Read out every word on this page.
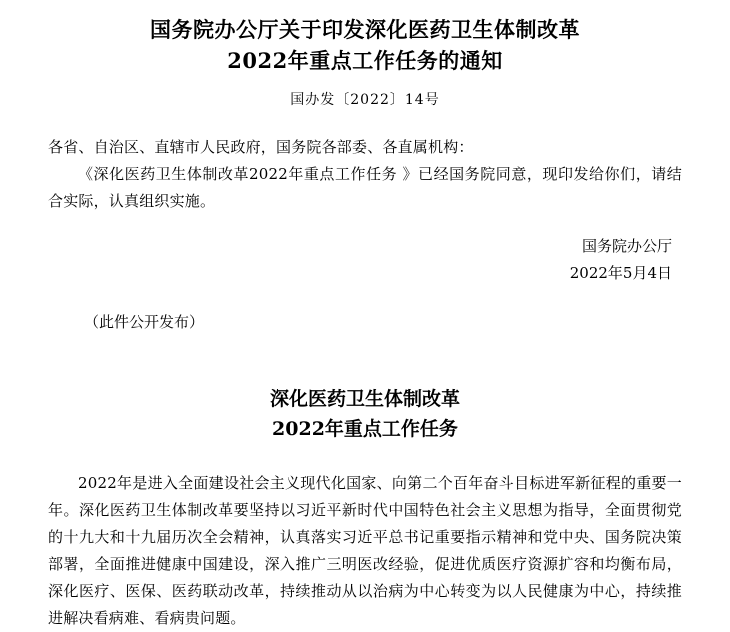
国务院办公厅关于印发深化医药卫生体制改革
2022年重点工作任务的通知
国办发〔2022〕14号
各省、自治区、直辖市人民政府，国务院各部委、各直属机构：

《深化医药卫生体制改革2022年重点工作任务 》已经国务院同意，现印发给你们，请结合实际，认真组织实施。

国务院办公厅
2022年5月4日
（此件公开发布）
深化医药卫生体制改革
2022年重点工作任务

2022年是进入全面建设社会主义现代化国家、向第二个百年奋斗目标进军新征程的重要一年。深化医药卫生体制改革要坚持以习近平新时代中国特色社会主义思想为指导，全面贯彻党的十九大和十九届历次全会精神，认真落实习近平总书记重要指示精神和党中央、国务院决策部署，全面推进健康中国建设，深入推广三明医改经验，促进优质医疗资源扩容和均衡布局，深化医疗、医保、医药联动改革，持续推动从以治病为中心转变为以人民健康为中心，持续推进解决看病难、看病贵问题。
